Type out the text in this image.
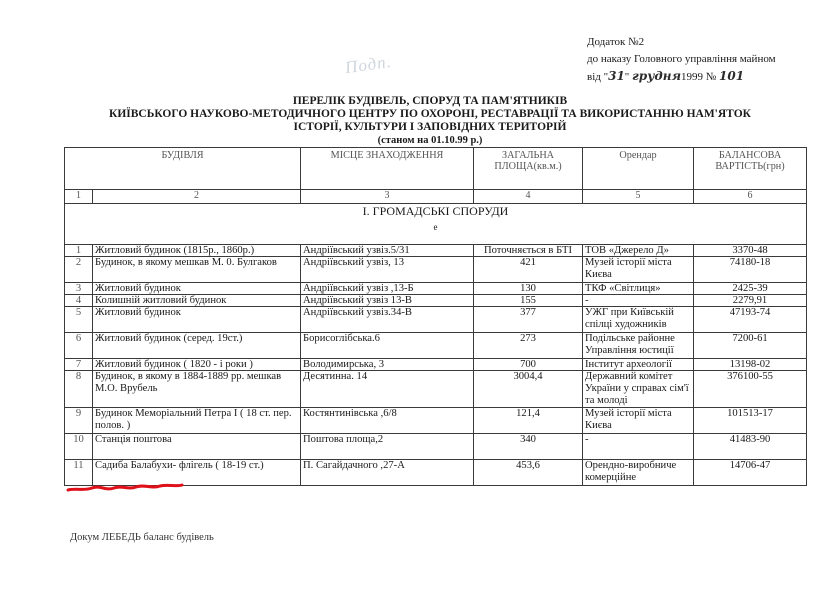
Подп.
Додаток №2
до наказу Головного управління майном
від "31" грудня1999 № 101
ПЕРЕЛІК БУДІВЕЛЬ, СПОРУД ТА ПАМ'ЯТНИКІВ
КИЇВСЬКОГО НАУКОВО-МЕТОДИЧНОГО ЦЕНТРУ ПО ОХОРОНІ, РЕСТАВРАЦІЇ ТА ВИКОРИСТАННЮ НАМ'ЯТОК
ІСТОРІЇ, КУЛЬТУРИ І ЗАПОВІДНИХ ТЕРИТОРІЙ
(станом на 01.10.99 р.)
БУДІВЛЯ		МІСЦЕ ЗНАХОДЖЕННЯ	ЗАГАЛЬНА ПЛОЩА(кв.м.)	Орендар	БАЛАНСОВА ВАРТІСТЬ(грн)
1	2	3	4	5	6
І. ГРОМАДСЬКІ СПОРУДИ
е					

1	Житловий будинок (1815р., 1860р.)	Андріївський узвіз.5/31	Поточняється в БТІ	ТОВ «Джерело Д»	3370-48
2	Будинок, в якому мешкав М. 0. Булгаков	Андріївський узвіз, 13	421	Музей історії міста Києва	74180-18
3	Житловий будинок	Андріївський узвіз ,13-Б	130	ТКФ «Світлиця»	2425-39
4	Колишній житловий будинок	Андріївський узвіз 13-В	155	-	2279,91
5	Житловий будинок	Андріївський узвіз.34-В	377	УЖГ при Київській спілці художників	47193-74
6	Житловий будинок (серед. 19ст.)	Борисоглібська.6	273	Подільське районне Управління юстиції	7200-61
7	Житловий будинок ( 1820 - і роки )	Володимирська, 3	700	Інститут археології	13198-02
8	Будинок, в якому в 1884-1889 рр. мешкав М.О. Врубель	Десятинна. 14	3004,4	Державний комітет України у справах сім'ї та молоді	376100-55
9	Будинок Меморіальний Петра І ( 18 ст. пер. полов. )	Костянтинівська ,6/8	121,4	Музей історії міста Києва	101513-17
10	Станція поштова	Поштова площа,2	340	-	41483-90
11	Садиба Балабухи- флігель ( 18-19 ст.)	П. Сагайдачного ,27-А	453,6	Орендно-виробниче комерційне	14706-47
Докум ЛЕБЕДЬ баланс будівель
